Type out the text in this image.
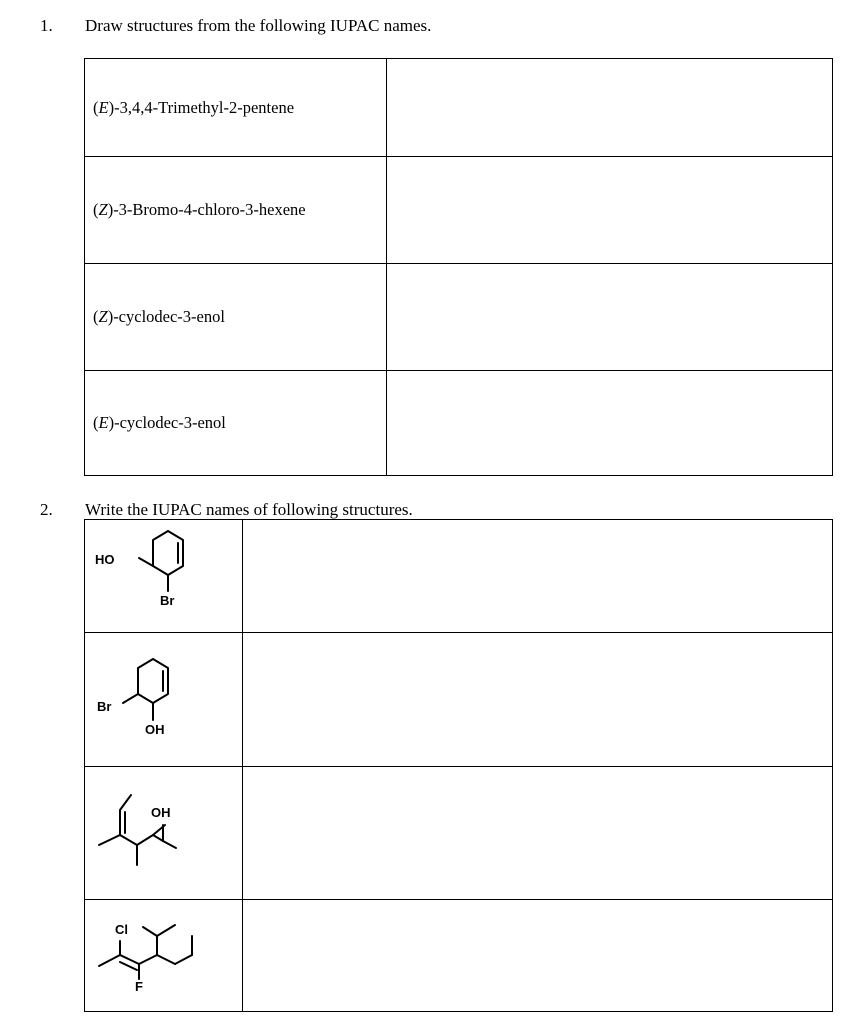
1. Draw structures from the following IUPAC names.
(E)-3,4,4-Trimethyl-2-pentene	
(Z)-3-Bromo-4-chloro-3-hexene	
(Z)-cyclodec-3-enol	
(E)-cyclodec-3-enol	
2. Write the IUPAC names of following structures.
HO
Br	

Br
OH	

OH	

Cl
F	
